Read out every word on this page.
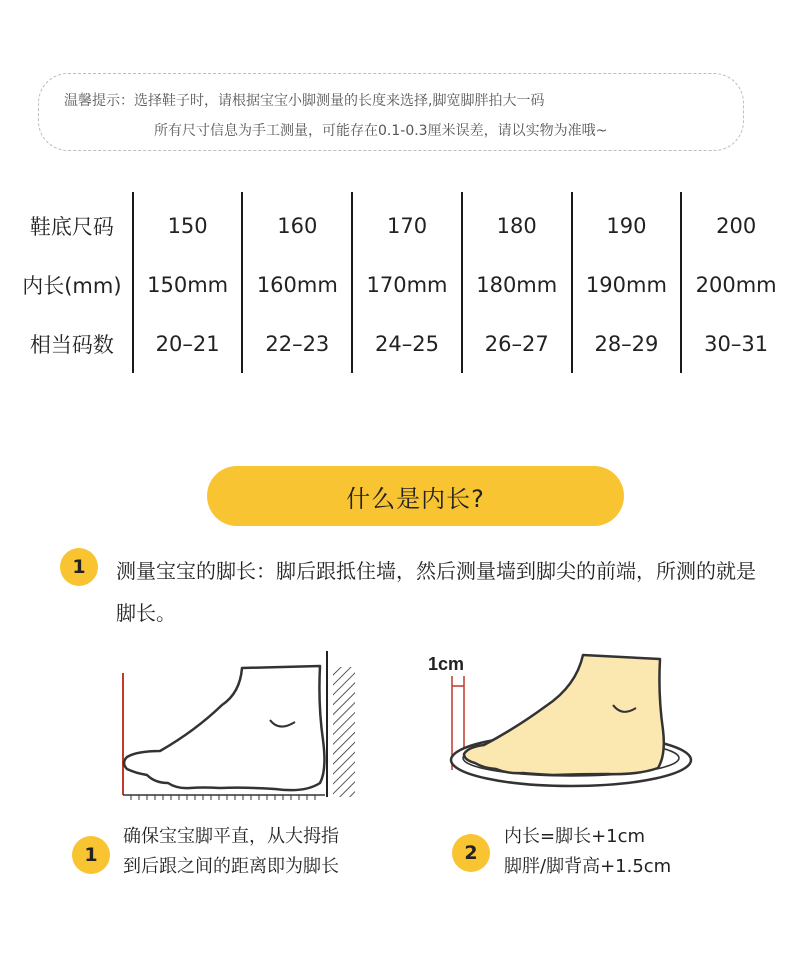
温馨提示：选择鞋子时，请根据宝宝小脚测量的长度来选择,脚宽脚胖拍大一码
所有尺寸信息为手工测量，可能存在0.1-0.3厘米误差，请以实物为准哦~
鞋底尺码	150	160	170	180	190	200
内长(mm)	150mm	160mm	170mm	180mm	190mm	200mm
相当码数	20–21	22–23	24–25	26–27	28–29	30–31
什么是内长?
1 测量宝宝的脚长：脚后跟抵住墙，然后测量墙到脚尖的前端，所测的就是脚长。
1cm
1
确保宝宝脚平直，从大拇指
到后跟之间的距离即为脚长
2
内长=脚长+1cm
脚胖/脚背高+1.5cm
